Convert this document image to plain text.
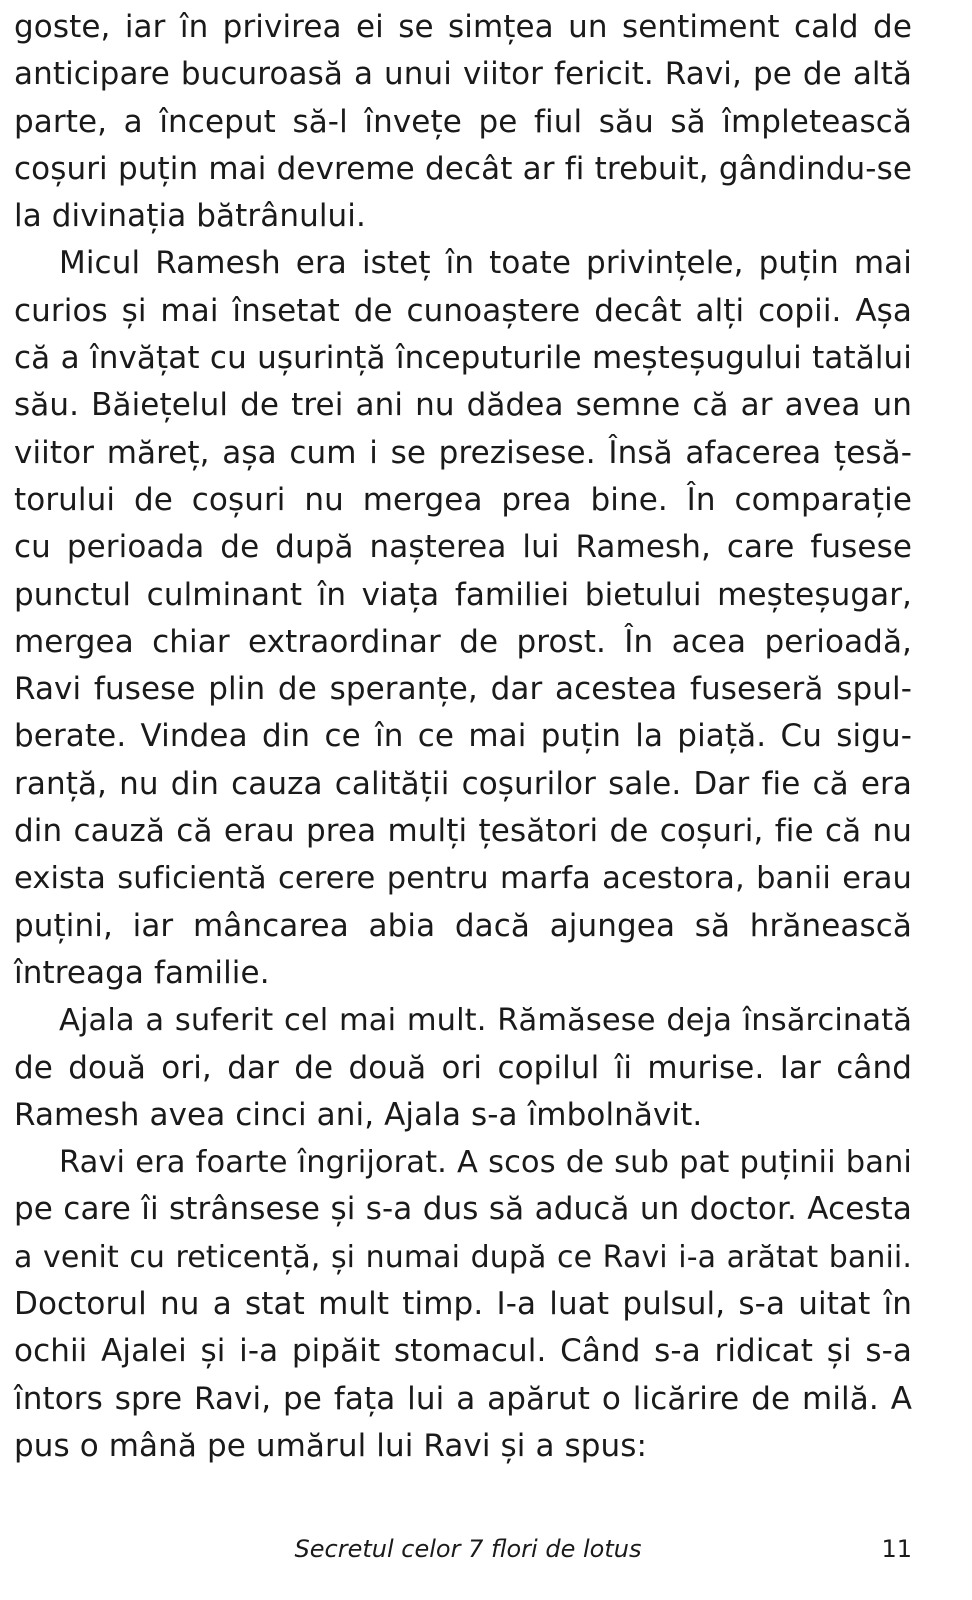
goste, iar în privirea ei se simțea un sentiment cald de
anticipare bucuroasă a unui viitor fericit. Ravi, pe de altă
parte, a început să-l învețe pe fiul său să împletească
coșuri puțin mai devreme decât ar fi trebuit, gândindu-se
la divinația bătrânului.
Micul Ramesh era isteț în toate privințele, puțin mai
curios și mai însetat de cunoaștere decât alți copii. Așa
că a învățat cu ușurință începuturile meșteșugului tatălui
său. Băiețelul de trei ani nu dădea semne că ar avea un
viitor măreț, așa cum i se prezisese. Însă afacerea țesă-
torului de coșuri nu mergea prea bine. În comparație
cu perioada de după nașterea lui Ramesh, care fusese
punctul culminant în viața familiei bietului meșteșugar,
mergea chiar extraordinar de prost. În acea perioadă,
Ravi fusese plin de speranțe, dar acestea fuseseră spul-
berate. Vindea din ce în ce mai puțin la piață. Cu sigu-
ranță, nu din cauza calității coșurilor sale. Dar fie că era
din cauză că erau prea mulți țesători de coșuri, fie că nu
exista suficientă cerere pentru marfa acestora, banii erau
puțini, iar mâncarea abia dacă ajungea să hrănească
întreaga familie.
Ajala a suferit cel mai mult. Rămăsese deja însărcinată
de două ori, dar de două ori copilul îi murise. Iar când
Ramesh avea cinci ani, Ajala s-a îmbolnăvit.
Ravi era foarte îngrijorat. A scos de sub pat puținii bani
pe care îi strânsese și s-a dus să aducă un doctor. Acesta
a venit cu reticență, și numai după ce Ravi i-a arătat banii.
Doctorul nu a stat mult timp. I-a luat pulsul, s-a uitat în
ochii Ajalei și i-a pipăit stomacul. Când s-a ridicat și s-a
întors spre Ravi, pe fața lui a apărut o licărire de milă. A
pus o mână pe umărul lui Ravi și a spus:
Secretul celor 7 flori de lotus	11
